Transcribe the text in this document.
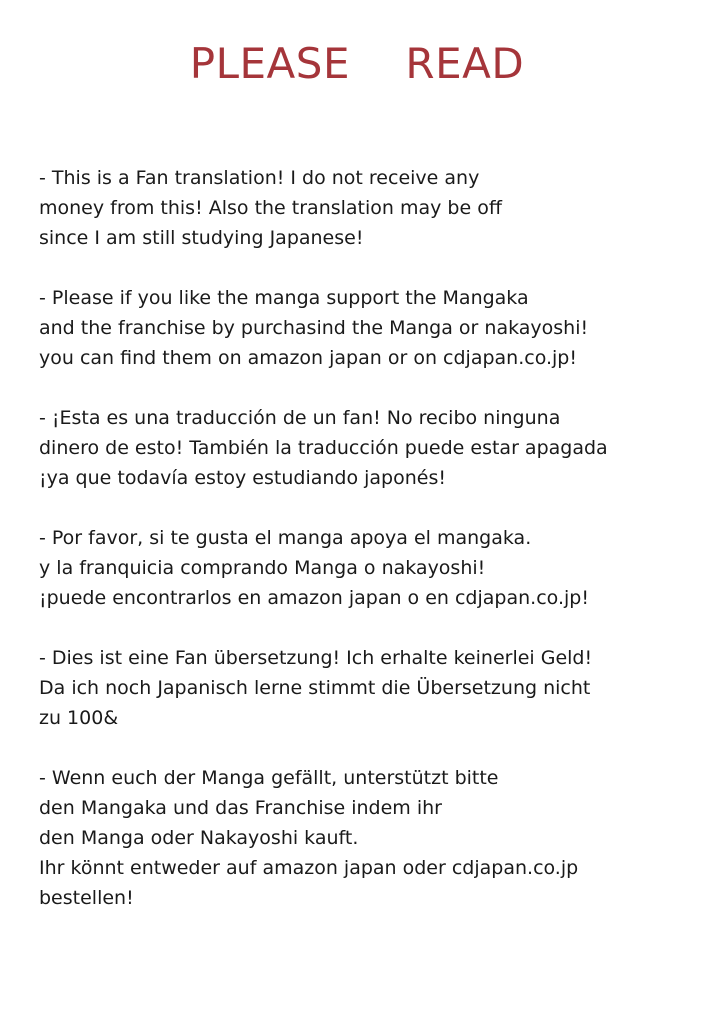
PLEASE    READ

- This is a Fan translation! I do not receive any
money from this! Also the translation may be off
since I am still studying Japanese!

- Please if you like the manga support the Mangaka
and the franchise by purchasind the Manga or nakayoshi!
you can find them on amazon japan or on cdjapan.co.jp!

- ¡Esta es una traducción de un fan! No recibo ninguna
dinero de esto! También la traducción puede estar apagada
¡ya que todavía estoy estudiando japonés!

- Por favor, si te gusta el manga apoya el mangaka.
y la franquicia comprando Manga o nakayoshi!
¡puede encontrarlos en amazon japan o en cdjapan.co.jp!

- Dies ist eine Fan übersetzung! Ich erhalte keinerlei Geld!
Da ich noch Japanisch lerne stimmt die Übersetzung nicht
zu 100&

- Wenn euch der Manga gefällt, unterstützt bitte
den Mangaka und das Franchise indem ihr
den Manga oder Nakayoshi kauft.
Ihr könnt entweder auf amazon japan oder cdjapan.co.jp
bestellen!
